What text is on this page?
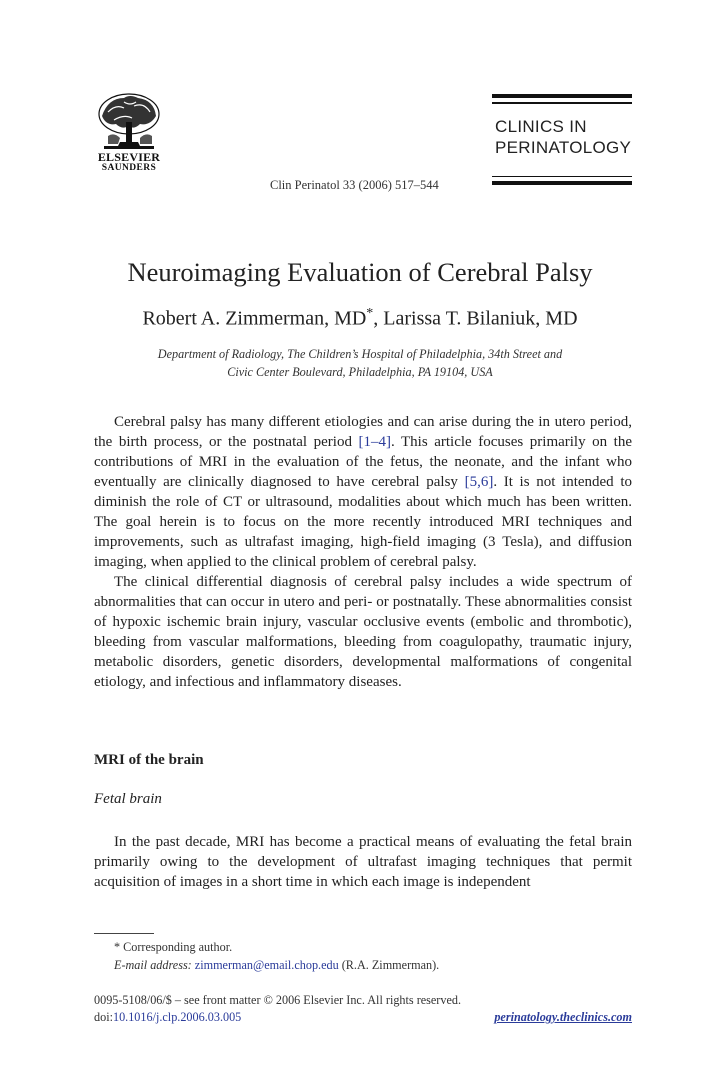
ELSEVIER
SAUNDERS
Clin Perinatol 33 (2006) 517–544
CLINICS IN
PERINATOLOGY
Neuroimaging Evaluation of Cerebral Palsy
Robert A. Zimmerman, MD*, Larissa T. Bilaniuk, MD
Department of Radiology, The Children’s Hospital of Philadelphia, 34th Street and
Civic Center Boulevard, Philadelphia, PA 19104, USA

Cerebral palsy has many different etiologies and can arise during the in utero period, the birth process, or the postnatal period [1–4]. This article focuses primarily on the contributions of MRI in the evaluation of the fetus, the neonate, and the infant who eventually are clinically diagnosed to have cerebral palsy [5,6]. It is not intended to diminish the role of CT or ultrasound, modalities about which much has been written. The goal herein is to focus on the more recently introduced MRI techniques and improvements, such as ultrafast imaging, high-field imaging (3 Tesla), and diffusion imaging, when applied to the clinical problem of cerebral palsy.

The clinical differential diagnosis of cerebral palsy includes a wide spectrum of abnormalities that can occur in utero and peri- or postnatally. These abnormalities consist of hypoxic ischemic brain injury, vascular occlusive events (embolic and thrombotic), bleeding from vascular malformations, bleeding from coagulopathy, traumatic injury, metabolic disorders, genetic disorders, developmental malformations of congenital etiology, and infectious and inflammatory diseases.

MRI of the brain
Fetal brain

In the past decade, MRI has become a practical means of evaluating the fetal brain primarily owing to the development of ultrafast imaging techniques that permit acquisition of images in a short time in which each image is independent

* Corresponding author.
E-mail address: zimmerman@email.chop.edu (R.A. Zimmerman).
0095-5108/06/$ – see front matter © 2006 Elsevier Inc. All rights reserved.
doi:10.1016/j.clp.2006.03.005	perinatology.theclinics.com
